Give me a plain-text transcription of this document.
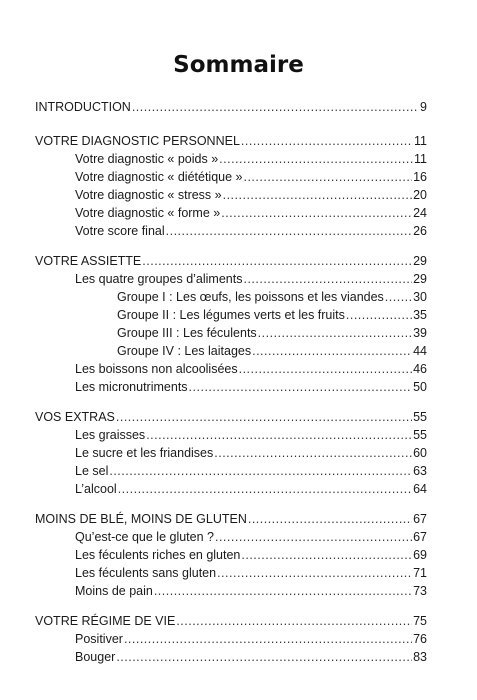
Sommaire
INTRODUCTION .....	9
VOTRE DIAGNOSTIC PERSONNEL .....	11
Votre diagnostic « poids » .....	11
Votre diagnostic « diététique » .....	16
Votre diagnostic « stress » .....	20
Votre diagnostic « forme » .....	24
Votre score final .....	26
VOTRE ASSIETTE .....	29
Les quatre groupes d’aliments .....	29
Groupe I : Les œufs, les poissons et les viandes ..... 30
Groupe II : Les légumes verts et les fruits .....	35
Groupe III : Les féculents .....	39
Groupe IV : Les laitages .....	44
Les boissons non alcoolisées .....	46
Les micronutriments .....	50
VOS EXTRAS .....	55
Les graisses .....	55
Le sucre et les friandises .....	60
Le sel .....	63
L’alcool .....	64
MOINS DE BLÉ, MOINS DE GLUTEN .....	67
Qu’est-ce que le gluten ? .....	67
Les féculents riches en gluten .....	69
Les féculents sans gluten .....	71
Moins de pain .....	73
VOTRE RÉGIME DE VIE .....	75
Positiver .....	76
Bouger .....	83
